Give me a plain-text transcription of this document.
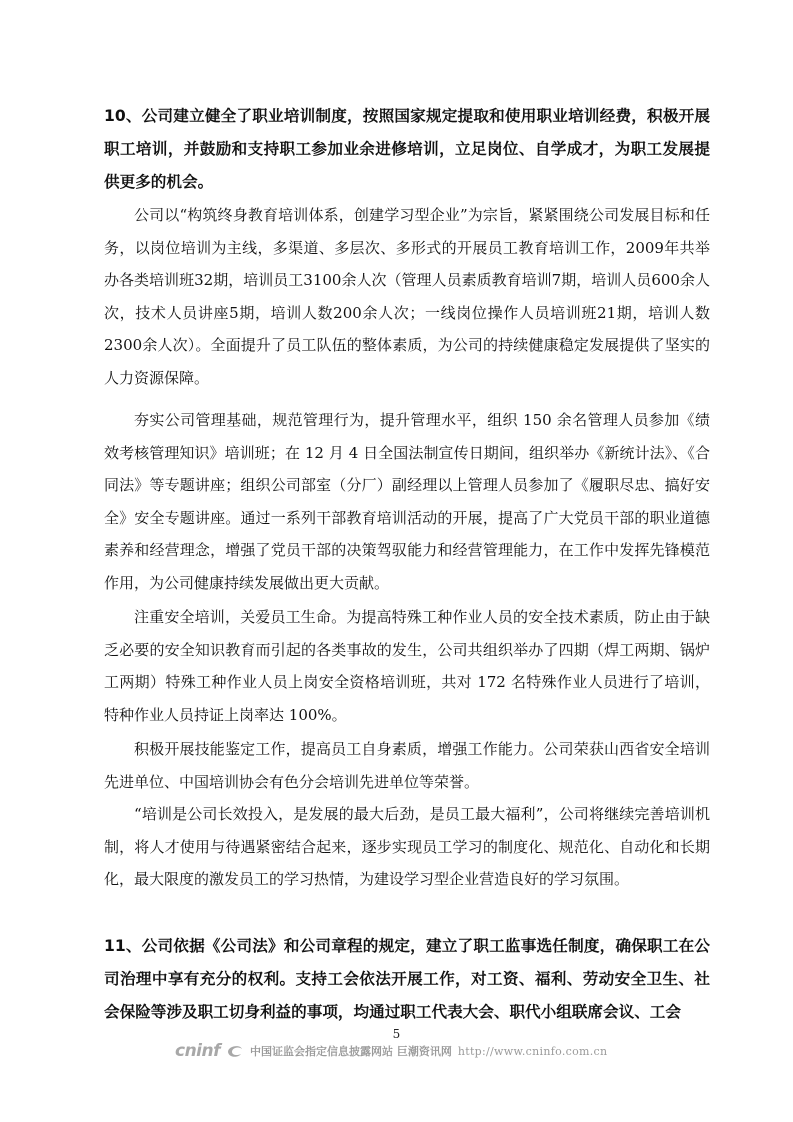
10、公司建立健全了职业培训制度，按照国家规定提取和使用职业培训经费，积极开展职工培训，并鼓励和支持职工参加业余进修培训，立足岗位、自学成才，为职工发展提供更多的机会。

公司以“构筑终身教育培训体系，创建学习型企业”为宗旨，紧紧围绕公司发展目标和任务，以岗位培训为主线，多渠道、多层次、多形式的开展员工教育培训工作，2009年共举办各类培训班32期，培训员工3100余人次（管理人员素质教育培训7期，培训人员600余人次，技术人员讲座5期，培训人数200余人次；一线岗位操作人员培训班21期，培训人数2300余人次）。全面提升了员工队伍的整体素质，为公司的持续健康稳定发展提供了坚实的人力资源保障。

夯实公司管理基础，规范管理行为，提升管理水平，组织 150 余名管理人员参加《绩效考核管理知识》培训班；在 12 月 4 日全国法制宣传日期间，组织举办《新统计法》、《合同法》等专题讲座；组织公司部室（分厂）副经理以上管理人员参加了《履职尽忠、搞好安全》安全专题讲座。通过一系列干部教育培训活动的开展，提高了广大党员干部的职业道德素养和经营理念，增强了党员干部的决策驾驭能力和经营管理能力，在工作中发挥先锋模范作用，为公司健康持续发展做出更大贡献。

注重安全培训，关爱员工生命。为提高特殊工种作业人员的安全技术素质，防止由于缺乏必要的安全知识教育而引起的各类事故的发生，公司共组织举办了四期（焊工两期、锅炉工两期）特殊工种作业人员上岗安全资格培训班，共对 172 名特殊作业人员进行了培训，特种作业人员持证上岗率达 100%。

积极开展技能鉴定工作，提高员工自身素质，增强工作能力。公司荣获山西省安全培训先进单位、中国培训协会有色分会培训先进单位等荣誉。

“培训是公司长效投入，是发展的最大后劲，是员工最大福利”，公司将继续完善培训机制，将人才使用与待遇紧密结合起来，逐步实现员工学习的制度化、规范化、自动化和长期化，最大限度的激发员工的学习热情，为建设学习型企业营造良好的学习氛围。

11、公司依据《公司法》和公司章程的规定，建立了职工监事选任制度，确保职工在公司治理中享有充分的权利。支持工会依法开展工作，对工资、福利、劳动安全卫生、社会保险等涉及职工切身利益的事项，均通过职工代表大会、职代小组联席会议、工会

5
cninf	中国证监会指定信息披露网站 巨潮资讯网 http://www.cninfo.com.cn
